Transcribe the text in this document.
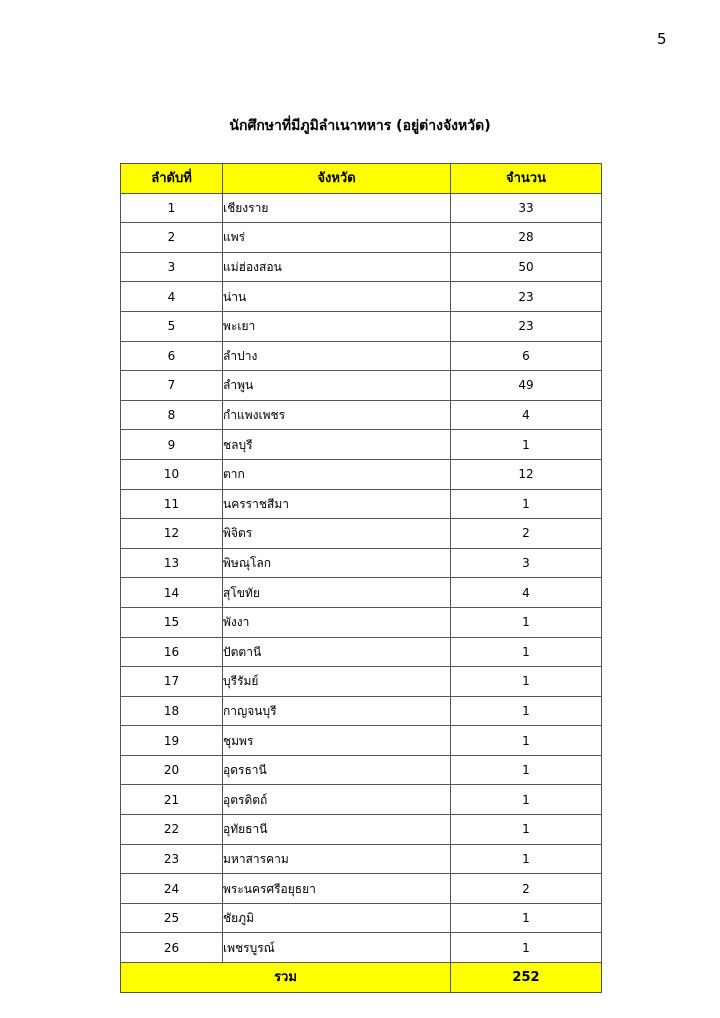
5
นักศึกษาที่มีภูมิลำเนาทหาร (อยู่ต่างจังหวัด)
ลำดับที่	จังหวัด	จำนวน
1	เชียงราย	33
2	แพร่	28
3	แม่ฮ่องสอน	50
4	น่าน	23
5	พะเยา	23
6	ลำปาง	6
7	ลำพูน	49
8	กำแพงเพชร	4
9	ชลบุรี	1
10	ตาก	12
11	นครราชสีมา	1
12	พิจิตร	2
13	พิษณุโลก	3
14	สุโขทัย	4
15	พังงา	1
16	ปัตตานี	1
17	บุรีรัมย์	1
18	กาญจนบุรี	1
19	ชุมพร	1
20	อุดรธานี	1
21	อุตรดิตถ์	1
22	อุทัยธานี	1
23	มหาสารคาม	1
24	พระนครศรีอยุธยา	2
25	ชัยภูมิ	1
26	เพชรบูรณ์	1
รวม		252
